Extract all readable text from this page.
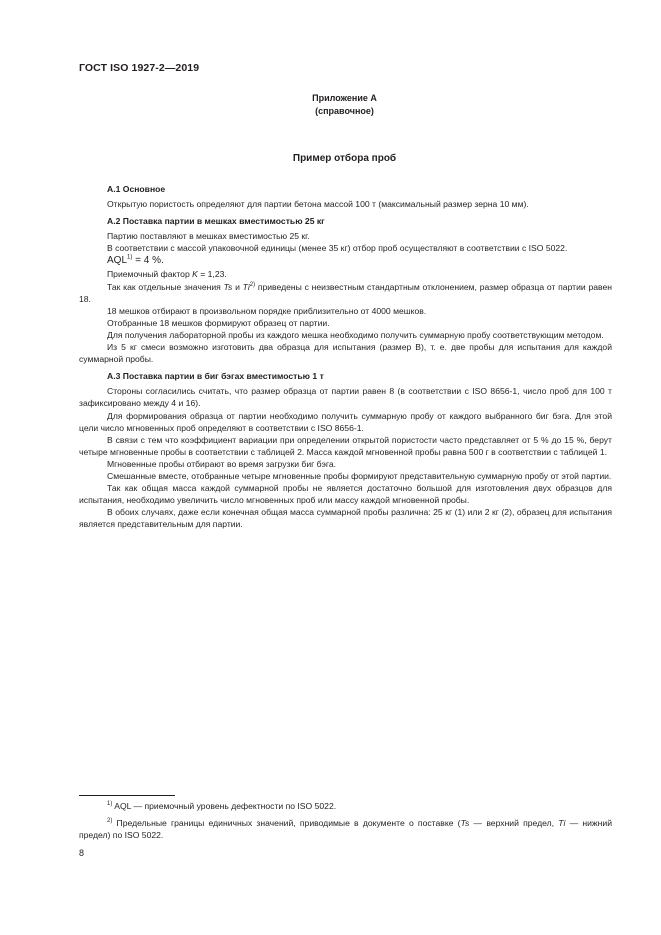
ГОСТ ISO 1927-2—2019
Приложение А
(справочное)
Пример отбора проб
А.1 Основное

Открытую пористость определяют для партии бетона массой 100 т (максимальный размер зерна 10 мм).

А.2 Поставка партии в мешках вместимостью 25 кг

Партию поставляют в мешках вместимостью 25 кг.

В соответствии с массой упаковочной единицы (менее 35 кг) отбор проб осуществляют в соответствии с ISO 5022.

$AQL^{1)} = 4$ %.

Приемочный фактор K = 1,23.

Так как отдельные значения Ts и Ti$^{2)}$ приведены с неизвестным стандартным отклонением, размер образца от партии равен 18.

18 мешков отбирают в произвольном порядке приблизительно от 4000 мешков.

Отобранные 18 мешков формируют образец от партии.

Для получения лабораторной пробы из каждого мешка необходимо получить суммарную пробу соответствующим методом.

Из 5 кг смеси возможно изготовить два образца для испытания (размер В), т. е. две пробы для испытания для каждой суммарной пробы.

А.3 Поставка партии в биг бэгах вместимостью 1 т

Стороны согласились считать, что размер образца от партии равен 8 (в соответствии с ISO 8656-1, число проб для 100 т зафиксировано между 4 и 16).

Для формирования образца от партии необходимо получить суммарную пробу от каждого выбранного биг бэга. Для этой цели число мгновенных проб определяют в соответствии с ISO 8656-1.

В связи с тем что коэффициент вариации при определении открытой пористости часто представляет от 5 % до 15 %, берут четыре мгновенные пробы в соответствии с таблицей 2. Масса каждой мгновенной пробы равна 500 г в соответствии с таблицей 1.

Мгновенные пробы отбирают во время загрузки биг бэга.

Смешанные вместе, отобранные четыре мгновенные пробы формируют представительную суммарную пробу от этой партии.

Так как общая масса каждой суммарной пробы не является достаточно большой для изготовления двух образцов для испытания, необходимо увеличить число мгновенных проб или массу каждой мгновенной пробы.

В обоих случаях, даже если конечная общая масса суммарной пробы различна: 25 кг (1) или 2 кг (2), образец для испытания является представительным для партии.

$^{1)}$ AQL — приемочный уровень дефектности по ISO 5022.

$^{2)}$ Предельные границы единичных значений, приводимые в документе о поставке (Ts — верхний предел, Ti — нижний предел) по ISO 5022.

8
